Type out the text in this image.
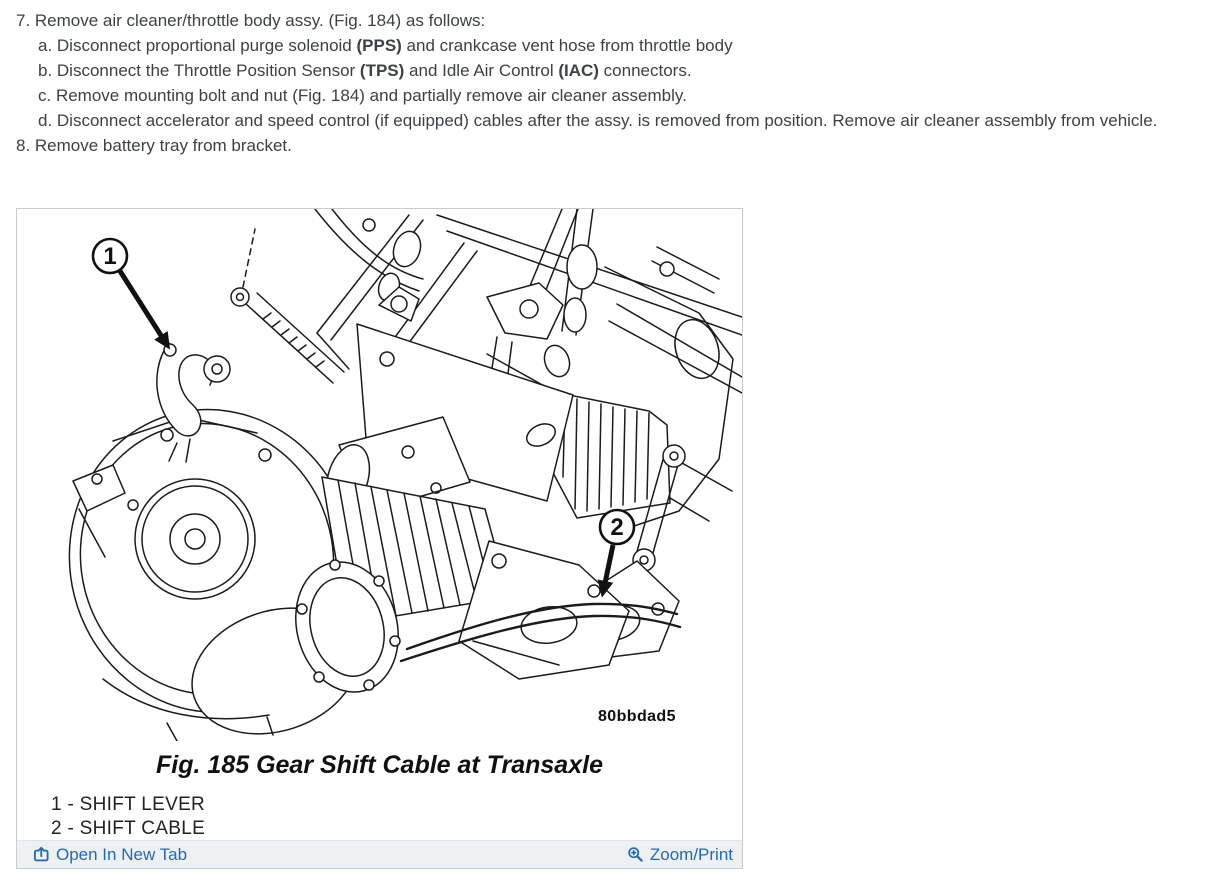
7. Remove air cleaner/throttle body assy. (Fig. 184) as follows:
a. Disconnect proportional purge solenoid (PPS) and crankcase vent hose from throttle body
b. Disconnect the Throttle Position Sensor (TPS) and Idle Air Control (IAC) connectors.
c. Remove mounting bolt and nut (Fig. 184) and partially remove air cleaner assembly.
d. Disconnect accelerator and speed control (if equipped) cables after the assy. is removed from position. Remove air cleaner assembly from vehicle.
8. Remove battery tray from bracket.
1
2
80bbdad5
Fig. 185 Gear Shift Cable at Transaxle
1 - SHIFT LEVER
2 - SHIFT CABLE
Open In New Tab	Zoom/Print
